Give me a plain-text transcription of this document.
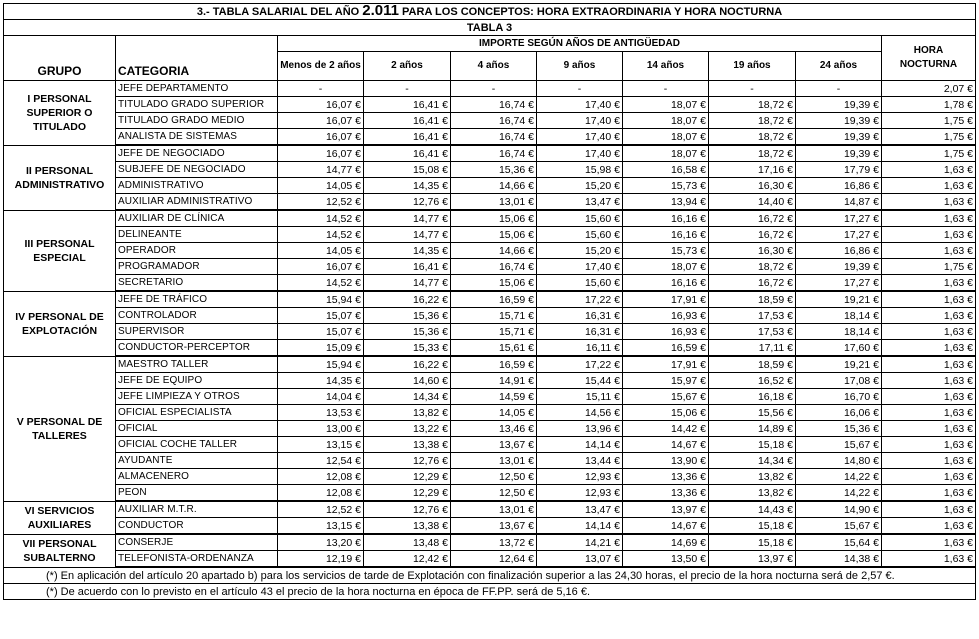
3.- TABLA SALARIAL DEL AÑO 2.011 PARA LOS CONCEPTOS: HORA EXTRAORDINARIA Y HORA NOCTURNA									
TABLA 3									
GRUPO	CATEGORIA	IMPORTE SEGÚN AÑOS DE ANTIGÜEDAD							HORA NOCTURNA
		Menos de 2 años	2 años	4 años	9 años	14 años	19 años	24 años	
I PERSONAL SUPERIOR O TITULADO	JEFE DEPARTAMENTO	-	-	-	-	-	-	-	2,07 €
	TITULADO GRADO SUPERIOR	16,07 €	16,41 €	16,74 €	17,40 €	18,07 €	18,72 €	19,39 €	1,78 €
	TITULADO GRADO MEDIO	16,07 €	16,41 €	16,74 €	17,40 €	18,07 €	18,72 €	19,39 €	1,75 €
	ANALISTA DE SISTEMAS	16,07 €	16,41 €	16,74 €	17,40 €	18,07 €	18,72 €	19,39 €	1,75 €
II PERSONAL ADMINISTRATIVO	JEFE DE NEGOCIADO	16,07 €	16,41 €	16,74 €	17,40 €	18,07 €	18,72 €	19,39 €	1,75 €
	SUBJEFE DE NEGOCIADO	14,77 €	15,08 €	15,36 €	15,98 €	16,58 €	17,16 €	17,79 €	1,63 €
	ADMINISTRATIVO	14,05 €	14,35 €	14,66 €	15,20 €	15,73 €	16,30 €	16,86 €	1,63 €
	AUXILIAR ADMINISTRATIVO	12,52 €	12,76 €	13,01 €	13,47 €	13,94 €	14,40 €	14,87 €	1,63 €
III PERSONAL ESPECIAL	AUXILIAR DE CLÍNICA	14,52 €	14,77 €	15,06 €	15,60 €	16,16 €	16,72 €	17,27 €	1,63 €
	DELINEANTE	14,52 €	14,77 €	15,06 €	15,60 €	16,16 €	16,72 €	17,27 €	1,63 €
	OPERADOR	14,05 €	14,35 €	14,66 €	15,20 €	15,73 €	16,30 €	16,86 €	1,63 €
	PROGRAMADOR	16,07 €	16,41 €	16,74 €	17,40 €	18,07 €	18,72 €	19,39 €	1,75 €
	SECRETARIO	14,52 €	14,77 €	15,06 €	15,60 €	16,16 €	16,72 €	17,27 €	1,63 €
IV PERSONAL DE EXPLOTACIÓN	JEFE DE TRÁFICO	15,94 €	16,22 €	16,59 €	17,22 €	17,91 €	18,59 €	19,21 €	1,63 €
	CONTROLADOR	15,07 €	15,36 €	15,71 €	16,31 €	16,93 €	17,53 €	18,14 €	1,63 €
	SUPERVISOR	15,07 €	15,36 €	15,71 €	16,31 €	16,93 €	17,53 €	18,14 €	1,63 €
	CONDUCTOR-PERCEPTOR	15,09 €	15,33 €	15,61 €	16,11 €	16,59 €	17,11 €	17,60 €	1,63 €
V PERSONAL DE TALLERES	MAESTRO TALLER	15,94 €	16,22 €	16,59 €	17,22 €	17,91 €	18,59 €	19,21 €	1,63 €
	JEFE DE EQUIPO	14,35 €	14,60 €	14,91 €	15,44 €	15,97 €	16,52 €	17,08 €	1,63 €
	JEFE LIMPIEZA Y OTROS	14,04 €	14,34 €	14,59 €	15,11 €	15,67 €	16,18 €	16,70 €	1,63 €
	OFICIAL ESPECIALISTA	13,53 €	13,82 €	14,05 €	14,56 €	15,06 €	15,56 €	16,06 €	1,63 €
	OFICIAL	13,00 €	13,22 €	13,46 €	13,96 €	14,42 €	14,89 €	15,36 €	1,63 €
	OFICIAL COCHE TALLER	13,15 €	13,38 €	13,67 €	14,14 €	14,67 €	15,18 €	15,67 €	1,63 €
	AYUDANTE	12,54 €	12,76 €	13,01 €	13,44 €	13,90 €	14,34 €	14,80 €	1,63 €
	ALMACENERO	12,08 €	12,29 €	12,50 €	12,93 €	13,36 €	13,82 €	14,22 €	1,63 €
	PEON	12,08 €	12,29 €	12,50 €	12,93 €	13,36 €	13,82 €	14,22 €	1,63 €
VI SERVICIOS AUXILIARES	AUXILIAR M.T.R.	12,52 €	12,76 €	13,01 €	13,47 €	13,97 €	14,43 €	14,90 €	1,63 €
	CONDUCTOR	13,15 €	13,38 €	13,67 €	14,14 €	14,67 €	15,18 €	15,67 €	1,63 €
VII PERSONAL SUBALTERNO	CONSERJE	13,20 €	13,48 €	13,72 €	14,21 €	14,69 €	15,18 €	15,64 €	1,63 €
	TELEFONISTA-ORDENANZA	12,19 €	12,42 €	12,64 €	13,07 €	13,50 €	13,97 €	14,38 €	1,63 €
(*) En aplicación del artículo 20 apartado b) para los servicios de tarde de Explotación con finalización superior a las 24,30 horas, el precio de la hora nocturna será de 2,57 €.									
(*) De acuerdo con lo previsto en el artículo 43 el precio de la hora nocturna en época de FF.PP. será de 5,16 €.									
